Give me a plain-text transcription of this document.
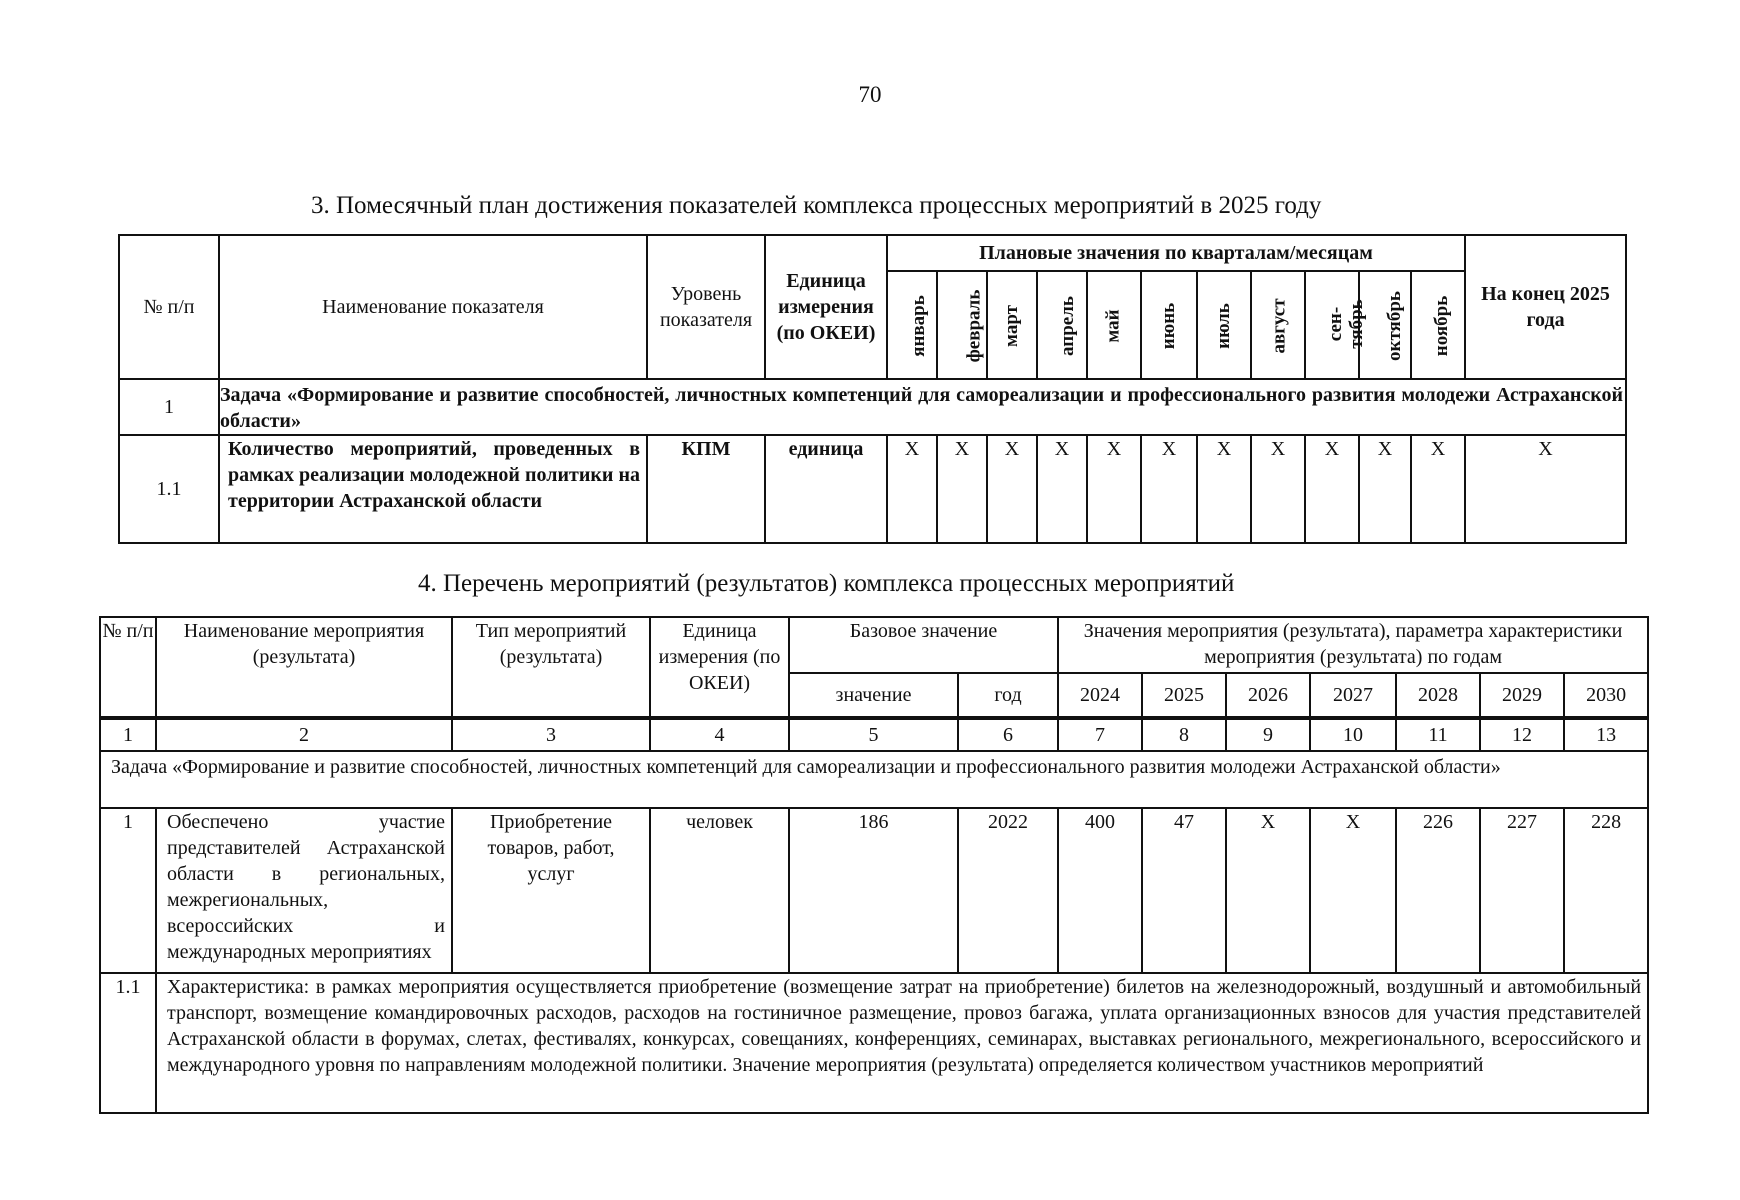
70
3. Помесячный план достижения показателей комплекса процессных мероприятий в 2025 году
№ п/п	Наименование показателя	Уровень показателя	Единица измерения (по ОКЕИ)	Плановые значения по кварталам/месяцам											На конец 2025 года
				январь	февраль	март	апрель	май	июнь	июль	август	сен- тябрь	октябрь	ноябрь	
1	Задача «Формирование и развитие способностей, личностных компетенций для самореализации и профессионального развития молодежи Астраханской области»														
1.1	Количество мероприятий, проведенных в рамках реализации молодежной политики на территории Астраханской области	КПМ	единица	X	X	X	X	X	X	X	X	X	X	X	X
4. Перечень мероприятий (результатов) комплекса процессных мероприятий
№ п/п	Наименование мероприятия (результата)	Тип мероприятий (результата)	Единица измерения (по ОКЕИ)	Базовое значение		Значения мероприятия (результата), параметра характеристики мероприятия (результата) по годам						
				значение	год	2024	2025	2026	2027	2028	2029	2030
1	2	3	4	5	6	7	8	9	10	11	12	13
Задача «Формирование и развитие способностей, личностных компетенций для самореализации и профессионального развития молодежи Астраханской области»												
1	Обеспечено участие представителей Астраханской области в региональных, межрегиональных, всероссийских и международных мероприятиях	Приобретение товаров, работ, услуг	человек	186	2022	400	47	X	X	226	227	228
1.1	Характеристика: в рамках мероприятия осуществляется приобретение (возмещение затрат на приобретение) билетов на железнодорожный, воздушный и автомобильный транспорт, возмещение командировочных расходов, расходов на гостиничное размещение, провоз багажа, уплата организационных взносов для участия представителей Астраханской области в форумах, слетах, фестивалях, конкурсах, совещаниях, конференциях, семинарах, выставках регионального, межрегионального, всероссийского и международного уровня по направлениям молодежной политики. Значение мероприятия (результата) определяется количеством участников мероприятий											
